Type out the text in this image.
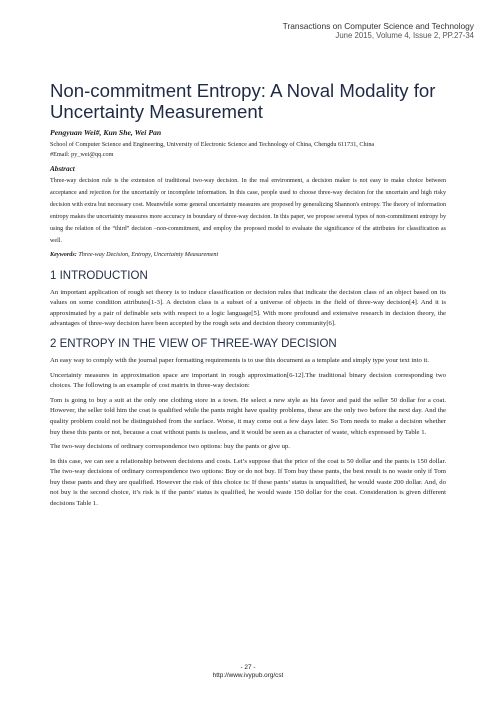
Transactions on Computer Science and Technology
June 2015, Volume 4, Issue 2, PP.27-34
Non-commitment Entropy: A Noval Modality for Uncertainty Measurement
Pengyuan Wei#, Kun She, Wei Pan
School of Computer Science and Engineering, University of Electronic Science and Technology of China, Chengdu 611731, China
#Email: py_wei@qq.com
Abstract
Three-way decision rule is the extension of traditional two-way decision. In the real environment, a decision maker is not easy to make choice between acceptance and rejection for the uncertainly or incomplete information. In this case, people used to choose three-way decision for the uncertain and high risky decision with extra but necessary cost. Meanwhile some general uncertainty measures are proposed by generalizing Shannon's entropy. The theory of information entropy makes the uncertainty measures more accuracy in boundary of three-way decision. In this paper, we propose several types of non-commitment entropy by using the relation of the “third” decision –non-commitment, and employ the proposed model to evaluate the significance of the attributes for classification as well.
Keywords: Three-way Decision, Entropy, Uncertainty Measurement
1 INTRODUCTION

An important application of rough set theory is to induce classification or decision rules that indicate the decision class of an object based on its values on some condition attributes[1-3]. A decision class is a subset of a universe of objects in the field of three-way decision[4]. And it is approximated by a pair of definable sets with respect to a logic language[5]. With more profound and extensive research in decision theory, the advantages of three-way decision have been accepted by the rough sets and decision theory community[6].

2 ENTROPY IN THE VIEW OF THREE-WAY DECISION

An easy way to comply with the journal paper formatting requirements is to use this document as a template and simply type your text into it.

Uncertainty measures in approximation space are important in rough approximation[6-12].The traditional binary decision corresponding two choices. The following is an example of cost matrix in three-way decision:

Tom is going to buy a suit at the only one clothing store in a town. He select a new style as his favor and paid the seller 50 dollar for a coat. However, the seller told him the coat is qualified while the pants might have quality problems, these are the only two before the next day. And the quality problem could not be distinguished from the surface. Worse, it may come out a few days later. So Tom needs to make a decision whether buy these this pants or not, because a coat without pants is useless, and it would be seen as a character of waste, which expressed by Table 1.

The two-way decisions of ordinary correspondence two options: buy the pants or give up.

In this case, we can see a relationship between decisions and costs. Let’s suppose that the price of the coat is 50 dollar and the pants is 150 dollar. The two-way decisions of ordinary correspondence two options: Buy or do not buy. If Tom buy these pants, the best result is no waste only if Tom buy these pants and they are qualified. However the risk of this choice is: If these pants’ status is unqualified, he would waste 200 dollar. And, do not buy is the second choice, it’s risk is if the pants’ status is qualified, he would waste 150 dollar for the coat. Consideration is given different decisions Table 1.

- 27 -
http://www.ivypub.org/cst
